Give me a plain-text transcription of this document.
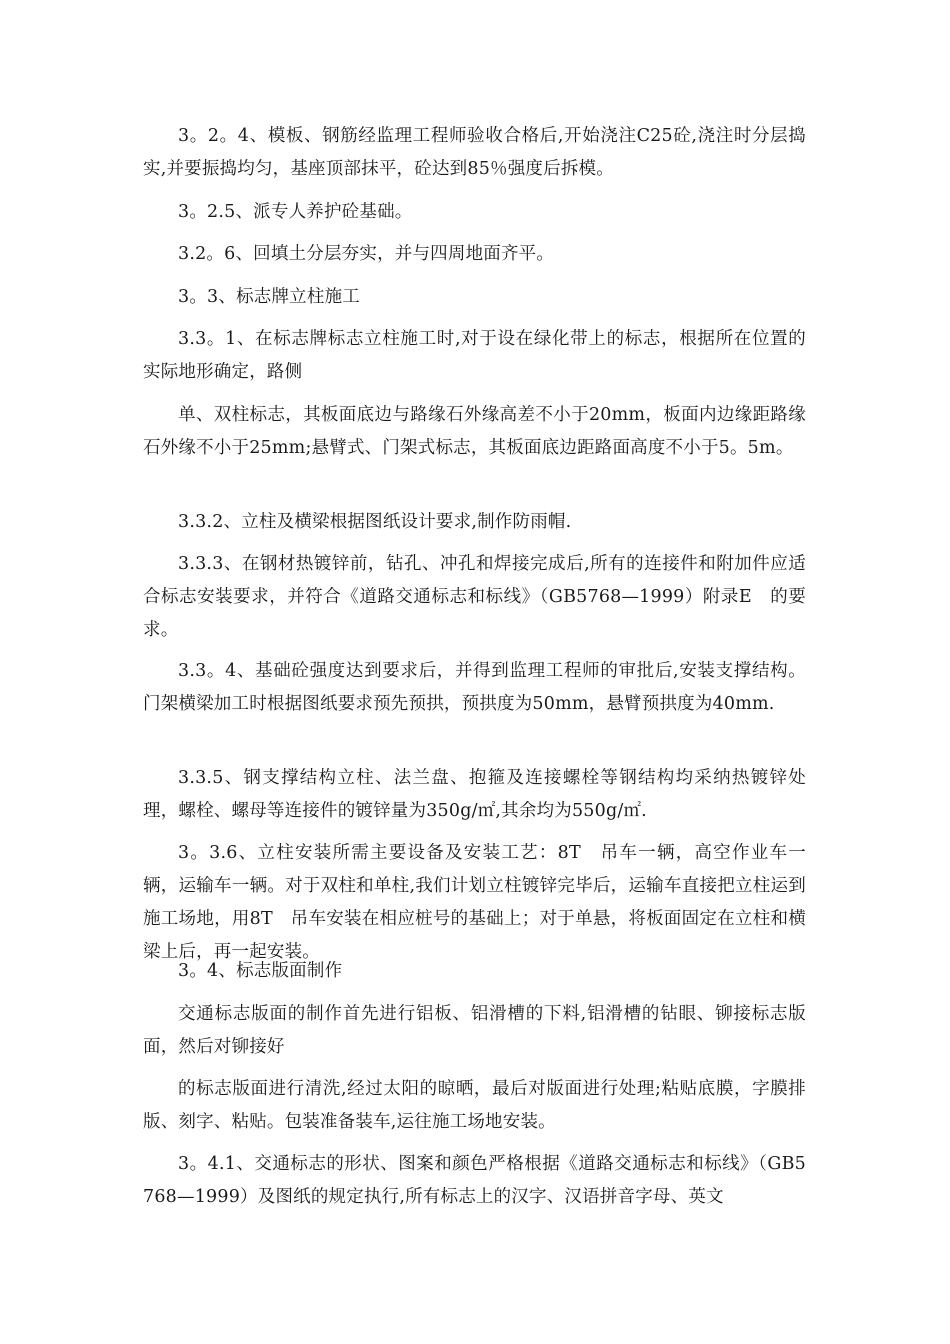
3。2。4、模板、钢筋经监理工程师验收合格后,开始浇注C25砼,浇注时分层捣实,并要振捣均匀，基座顶部抹平，砼达到85％强度后拆模。

3。2.5、派专人养护砼基础。

3.2。6、回填土分层夯实，并与四周地面齐平。

3。3、标志牌立柱施工

3.3。1、在标志牌标志立柱施工时,对于设在绿化带上的标志，根据所在位置的实际地形确定，路侧

单、双柱标志，其板面底边与路缘石外缘高差不小于20mm，板面内边缘距路缘石外缘不小于25mm;悬臂式、门架式标志，其板面底边距路面高度不小于5。5m。

3.3.2、立柱及横梁根据图纸设计要求,制作防雨帽.

3.3.3、在钢材热镀锌前，钻孔、冲孔和焊接完成后,所有的连接件和附加件应适合标志安装要求，并符合《道路交通标志和标线》（GB5768—1999）附录E　的要求。

3.3。4、基础砼强度达到要求后，并得到监理工程师的审批后,安装支撑结构。门架横梁加工时根据图纸要求预先预拱，预拱度为50mm，悬臂预拱度为40mm.

3.3.5、钢支撑结构立柱、法兰盘、抱箍及连接螺栓等钢结构均采纳热镀锌处理，螺栓、螺母等连接件的镀锌量为350g/㎡,其余均为550g/㎡.

3。3.6、立柱安装所需主要设备及安装工艺：8T　吊车一辆，高空作业车一辆，运输车一辆。对于双柱和单柱,我们计划立柱镀锌完毕后，运输车直接把立柱运到施工场地，用8T　吊车安装在相应桩号的基础上；对于单悬，将板面固定在立柱和横梁上后，再一起安装。

3。4、标志版面制作

交通标志版面的制作首先进行铝板、铝滑槽的下料,铝滑槽的钻眼、铆接标志版面，然后对铆接好

的标志版面进行清洗,经过太阳的晾晒，最后对版面进行处理;粘贴底膜，字膜排版、刻字、粘贴。包装准备装车,运往施工场地安装。

3。4.1、交通标志的形状、图案和颜色严格根据《道路交通标志和标线》（GB5768—1999）及图纸的规定执行,所有标志上的汉字、汉语拼音字母、英文
